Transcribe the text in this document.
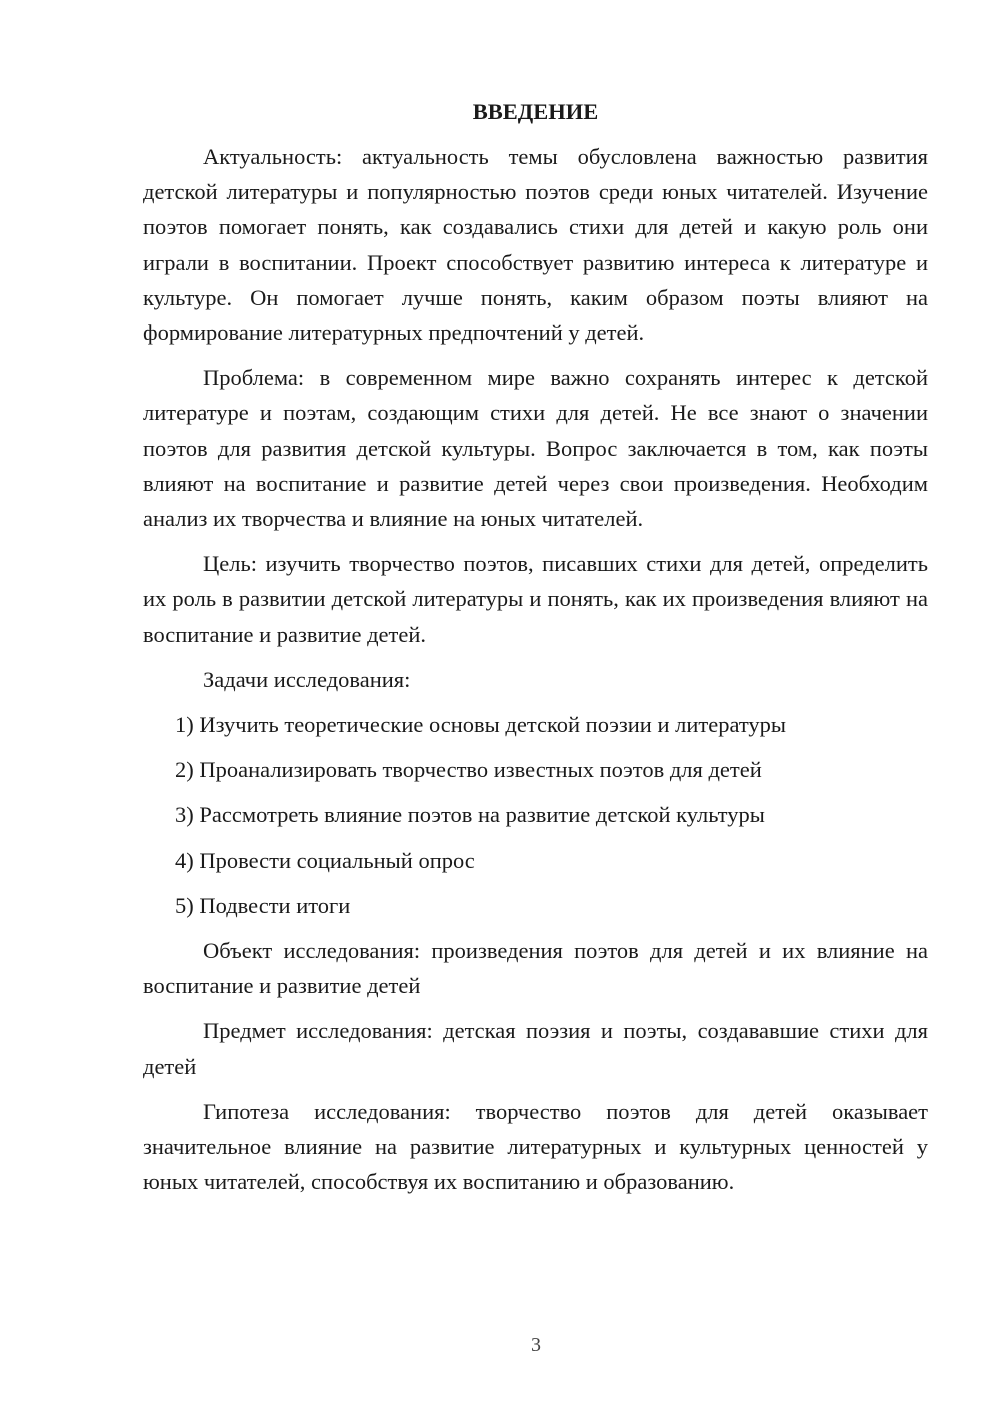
ВВЕДЕНИЕ

Актуальность: актуальность темы обусловлена важностью развития детской литературы и популярностью поэтов среди юных читателей. Изучение поэтов помогает понять, как создавались стихи для детей и какую роль они играли в воспитании. Проект способствует развитию интереса к литературе и культуре. Он помогает лучше понять, каким образом поэты влияют на формирование литературных предпочтений у детей.

Проблема: в современном мире важно сохранять интерес к детской литературе и поэтам, создающим стихи для детей. Не все знают о значении поэтов для развития детской культуры. Вопрос заключается в том, как поэты влияют на воспитание и развитие детей через свои произведения. Необходим анализ их творчества и влияние на юных читателей.

Цель: изучить творчество поэтов, писавших стихи для детей, определить их роль в развитии детской литературы и понять, как их произведения влияют на воспитание и развитие детей.

Задачи исследования:

1) Изучить теоретические основы детской поэзии и литературы
2) Проанализировать творчество известных поэтов для детей
3) Рассмотреть влияние поэтов на развитие детской культуры
4) Провести социальный опрос
5) Подвести итоги

Объект исследования: произведения поэтов для детей и их влияние на воспитание и развитие детей

Предмет исследования: детская поэзия и поэты, создававшие стихи для детей

Гипотеза исследования: творчество поэтов для детей оказывает значительное влияние на развитие литературных и культурных ценностей у юных читателей, способствуя их воспитанию и образованию.

3
